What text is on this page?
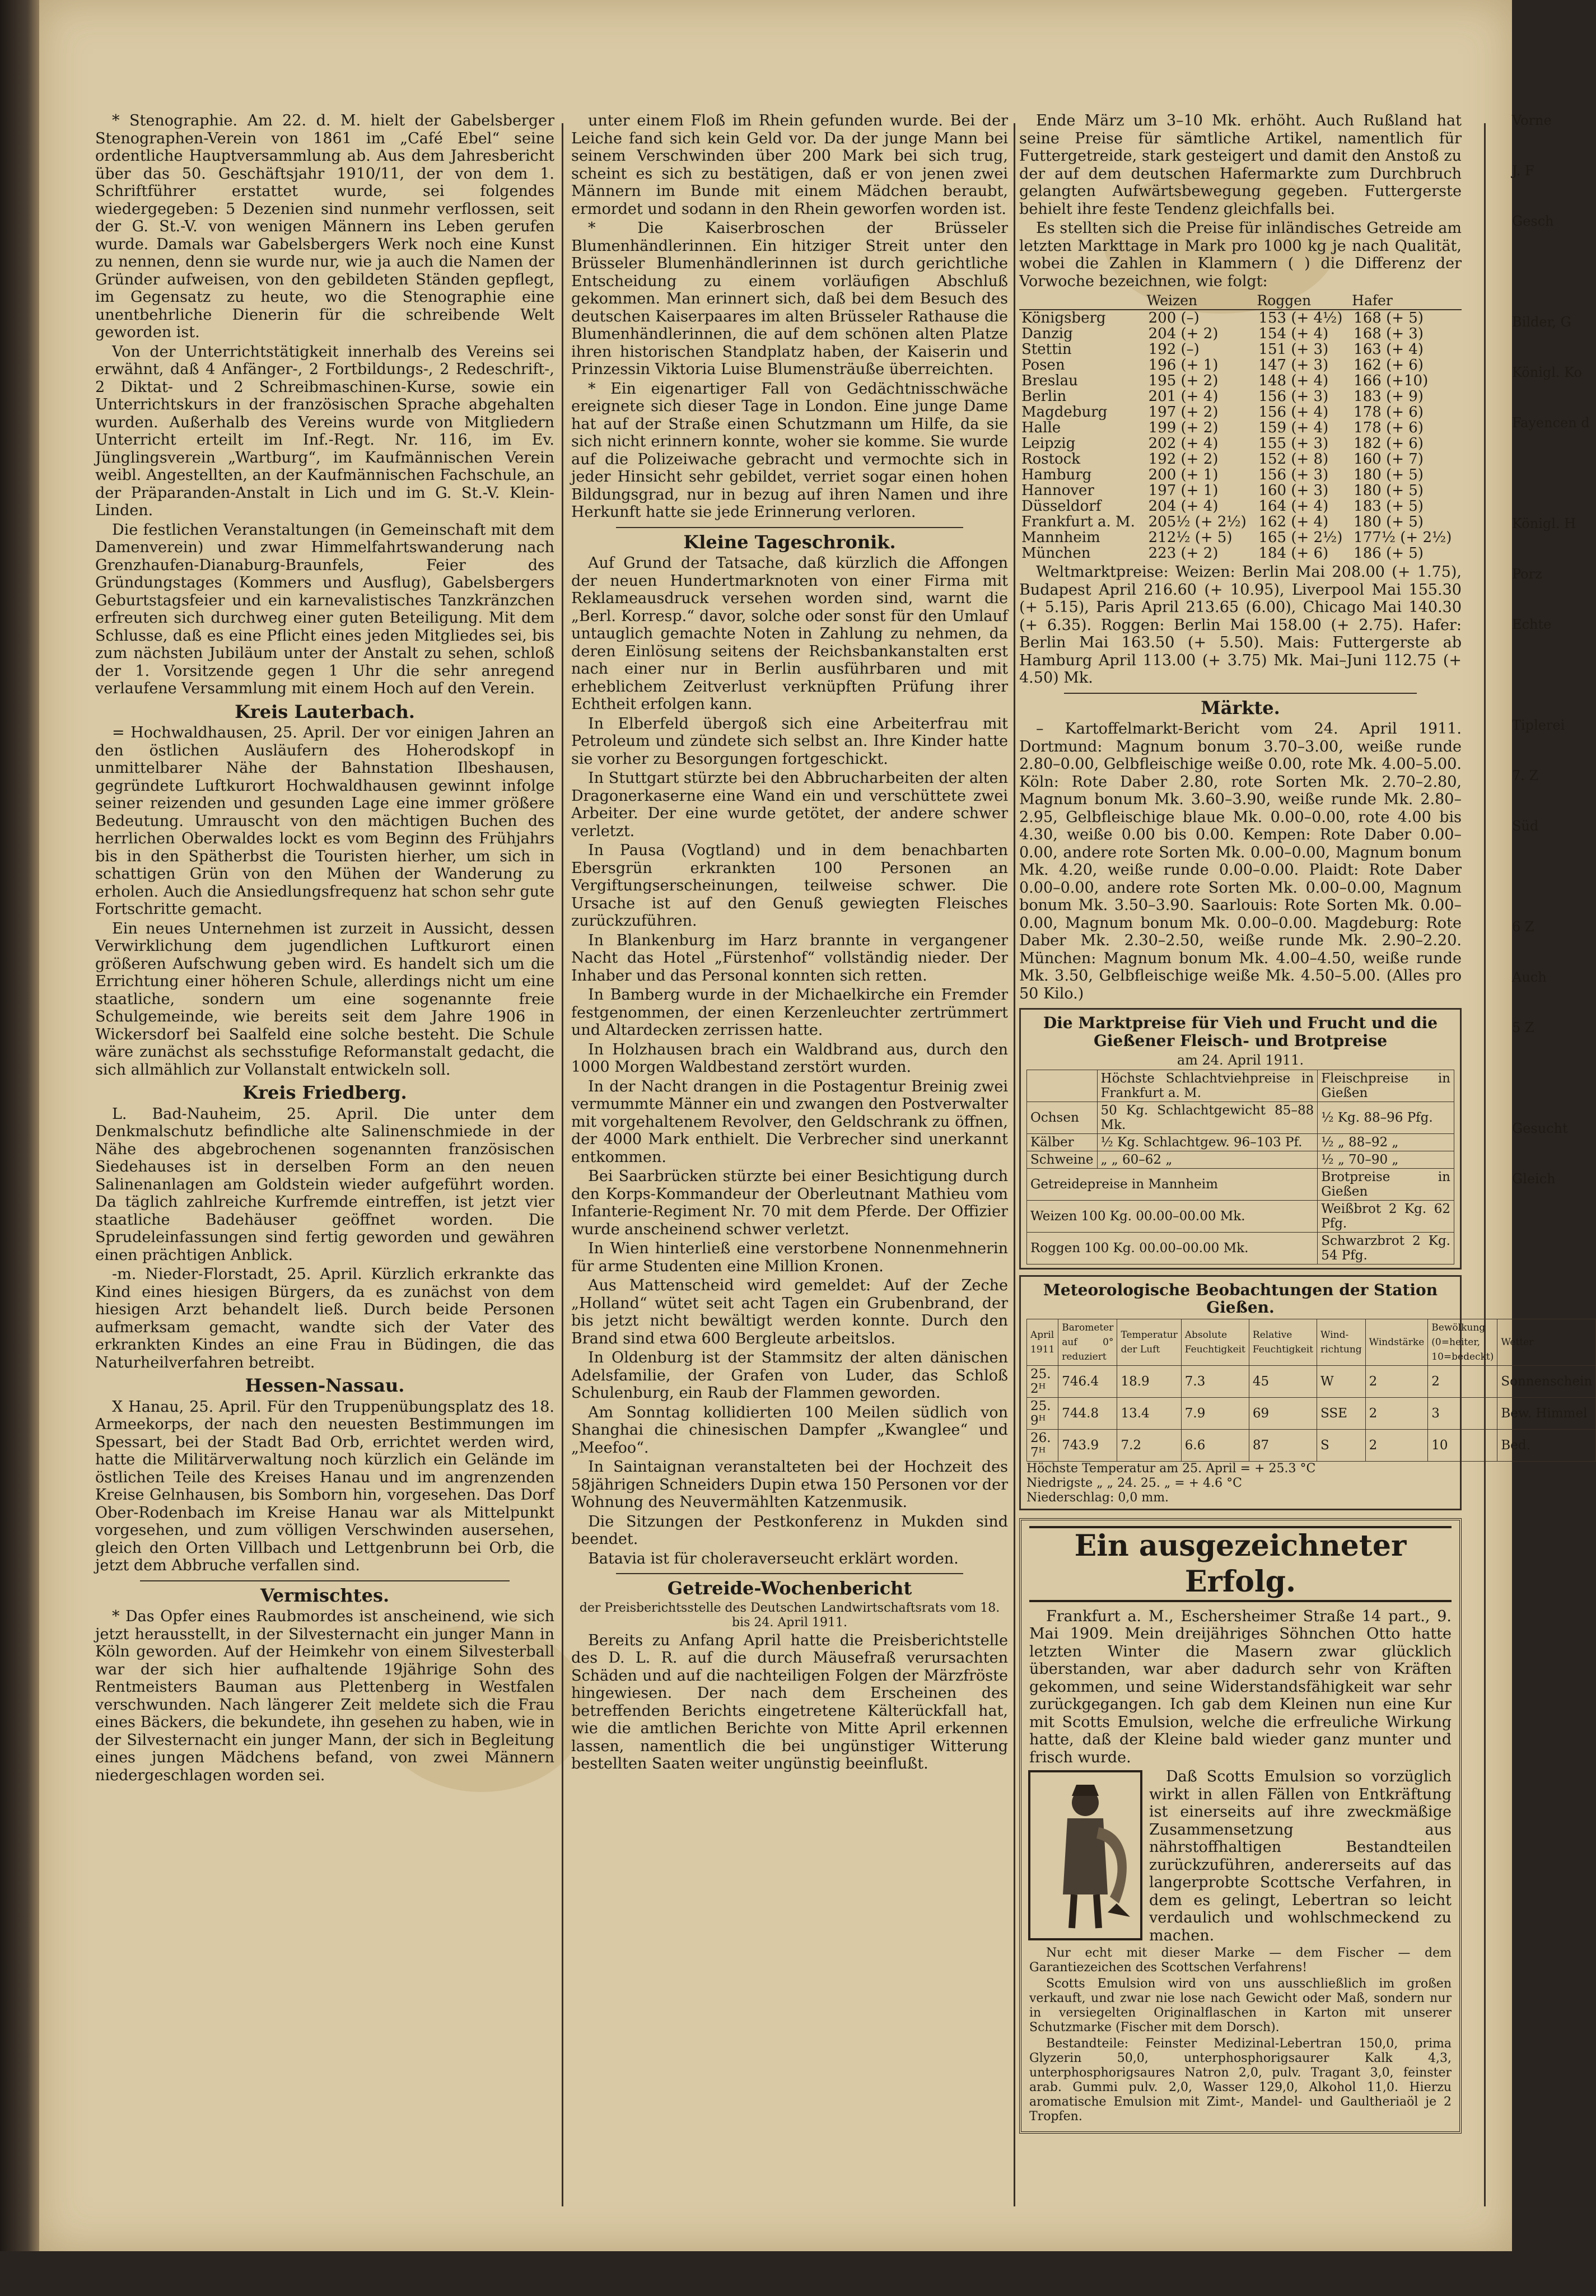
* Stenographie. Am 22. d. M. hielt der Gabelsberger Stenographen-Verein von 1861 im „Café Ebel“ seine ordentliche Hauptversammlung ab. Aus dem Jahresbericht über das 50. Geschäftsjahr 1910/11, der von dem 1. Schriftführer erstattet wurde, sei folgendes wiedergegeben: 5 Dezenien sind nunmehr verflossen, seit der G. St.-V. von wenigen Männern ins Leben gerufen wurde. Damals war Gabelsbergers Werk noch eine Kunst zu nennen, denn sie wurde nur, wie ja auch die Namen der Gründer aufweisen, von den gebildeten Ständen gepflegt, im Gegensatz zu heute, wo die Stenographie eine unentbehrliche Dienerin für die schreibende Welt geworden ist.

Von der Unterrichtstätigkeit innerhalb des Vereins sei erwähnt, daß 4 Anfänger-, 2 Fortbildungs-, 2 Redeschrift-, 2 Diktat- und 2 Schreibmaschinen-Kurse, sowie ein Unterrichtskurs in der französischen Sprache abgehalten wurden. Außerhalb des Vereins wurde von Mitgliedern Unterricht erteilt im Inf.-Regt. Nr. 116, im Ev. Jünglingsverein „Wartburg“, im Kaufmännischen Verein weibl. Angestellten, an der Kaufmännischen Fachschule, an der Präparanden-Anstalt in Lich und im G. St.-V. Klein-Linden.

Die festlichen Veranstaltungen (in Gemeinschaft mit dem Damenverein) und zwar Himmelfahrtswanderung nach Grenzhaufen-Dianaburg-Braunfels, Feier des Gründungstages (Kommers und Ausflug), Gabelsbergers Geburtstagsfeier und ein karnevalistisches Tanzkränzchen erfreuten sich durchweg einer guten Beteiligung. Mit dem Schlusse, daß es eine Pflicht eines jeden Mitgliedes sei, bis zum nächsten Jubiläum unter der Anstalt zu sehen, schloß der 1. Vorsitzende gegen 1 Uhr die sehr anregend verlaufene Versammlung mit einem Hoch auf den Verein.

Kreis Lauterbach.

= Hochwaldhausen, 25. April. Der vor einigen Jahren an den östlichen Ausläufern des Hoherodskopf in unmittelbarer Nähe der Bahnstation Ilbeshausen, gegründete Luftkurort Hochwaldhausen gewinnt infolge seiner reizenden und gesunden Lage eine immer größere Bedeutung. Umrauscht von den mächtigen Buchen des herrlichen Oberwaldes lockt es vom Beginn des Frühjahrs bis in den Spätherbst die Touristen hierher, um sich in schattigen Grün von den Mühen der Wanderung zu erholen. Auch die Ansiedlungsfrequenz hat schon sehr gute Fortschritte gemacht.

Ein neues Unternehmen ist zurzeit in Aussicht, dessen Verwirklichung dem jugendlichen Luftkurort einen größeren Aufschwung geben wird. Es handelt sich um die Errichtung einer höheren Schule, allerdings nicht um eine staatliche, sondern um eine sogenannte freie Schulgemeinde, wie bereits seit dem Jahre 1906 in Wickersdorf bei Saalfeld eine solche besteht. Die Schule wäre zunächst als sechsstufige Reformanstalt gedacht, die sich allmählich zur Vollanstalt entwickeln soll.

Kreis Friedberg.

L. Bad-Nauheim, 25. April. Die unter dem Denkmalschutz befindliche alte Salinenschmiede in der Nähe des abgebrochenen sogenannten französischen Siedehauses ist in derselben Form an den neuen Salinenanlagen am Goldstein wieder aufgeführt worden. Da täglich zahlreiche Kurfremde eintreffen, ist jetzt vier staatliche Badehäuser geöffnet worden. Die Sprudeleinfassungen sind fertig geworden und gewähren einen prächtigen Anblick.

-m. Nieder-Florstadt, 25. April. Kürzlich erkrankte das Kind eines hiesigen Bürgers, da es zunächst von dem hiesigen Arzt behandelt ließ. Durch beide Personen aufmerksam gemacht, wandte sich der Vater des erkrankten Kindes an eine Frau in Büdingen, die das Naturheilverfahren betreibt.

Hessen-Nassau.

X Hanau, 25. April. Für den Truppenübungsplatz des 18. Armeekorps, der nach den neuesten Bestimmungen im Spessart, bei der Stadt Bad Orb, errichtet werden wird, hatte die Militärverwaltung noch kürzlich ein Gelände im östlichen Teile des Kreises Hanau und im angrenzenden Kreise Gelnhausen, bis Somborn hin, vorgesehen. Das Dorf Ober-Rodenbach im Kreise Hanau war als Mittelpunkt vorgesehen, und zum völligen Verschwinden ausersehen, gleich den Orten Villbach und Lettgenbrunn bei Orb, die jetzt dem Abbruche verfallen sind.

Vermischtes.

* Das Opfer eines Raubmordes ist anscheinend, wie sich jetzt herausstellt, in der Silvesternacht ein junger Mann in Köln geworden. Auf der Heimkehr von einem Silvesterball war der sich hier aufhaltende 19jährige Sohn des Rentmeisters Bauman aus Plettenberg in Westfalen verschwunden. Nach längerer Zeit meldete sich die Frau eines Bäckers, die bekundete, ihn gesehen zu haben, wie in der Silvesternacht ein junger Mann, der sich in Begleitung eines jungen Mädchens befand, von zwei Männern niedergeschlagen worden sei.

unter einem Floß im Rhein gefunden wurde. Bei der Leiche fand sich kein Geld vor. Da der junge Mann bei seinem Verschwinden über 200 Mark bei sich trug, scheint es sich zu bestätigen, daß er von jenen zwei Männern im Bunde mit einem Mädchen beraubt, ermordet und sodann in den Rhein geworfen worden ist.

* Die Kaiserbroschen der Brüsseler Blumenhändlerinnen. Ein hitziger Streit unter den Brüsseler Blumenhändlerinnen ist durch gerichtliche Entscheidung zu einem vorläufigen Abschluß gekommen. Man erinnert sich, daß bei dem Besuch des deutschen Kaiserpaares im alten Brüsseler Rathause die Blumenhändlerinnen, die auf dem schönen alten Platze ihren historischen Standplatz haben, der Kaiserin und Prinzessin Viktoria Luise Blumensträuße überreichten.

* Ein eigenartiger Fall von Gedächtnisschwäche ereignete sich dieser Tage in London. Eine junge Dame hat auf der Straße einen Schutzmann um Hilfe, da sie sich nicht erinnern konnte, woher sie komme. Sie wurde auf die Polizeiwache gebracht und vermochte sich in jeder Hinsicht sehr gebildet, verriet sogar einen hohen Bildungsgrad, nur in bezug auf ihren Namen und ihre Herkunft hatte sie jede Erinnerung verloren.

Kleine Tageschronik.

Auf Grund der Tatsache, daß kürzlich die Affongen der neuen Hundertmarknoten von einer Firma mit Reklameausdruck versehen worden sind, warnt die „Berl. Korresp.“ davor, solche oder sonst für den Umlauf untauglich gemachte Noten in Zahlung zu nehmen, da deren Einlösung seitens der Reichsbankanstalten erst nach einer nur in Berlin ausführbaren und mit erheblichem Zeitverlust verknüpften Prüfung ihrer Echtheit erfolgen kann.

In Elberfeld übergoß sich eine Arbeiterfrau mit Petroleum und zündete sich selbst an. Ihre Kinder hatte sie vorher zu Besorgungen fortgeschickt.

In Stuttgart stürzte bei den Abbrucharbeiten der alten Dragonerkaserne eine Wand ein und verschüttete zwei Arbeiter. Der eine wurde getötet, der andere schwer verletzt.

In Pausa (Vogtland) und in dem benachbarten Ebersgrün erkrankten 100 Personen an Vergiftungserscheinungen, teilweise schwer. Die Ursache ist auf den Genuß gewiegten Fleisches zurückzuführen.

In Blankenburg im Harz brannte in vergangener Nacht das Hotel „Fürstenhof“ vollständig nieder. Der Inhaber und das Personal konnten sich retten.

In Bamberg wurde in der Michaelkirche ein Fremder festgenommen, der einen Kerzenleuchter zertrümmert und Altardecken zerrissen hatte.

In Holzhausen brach ein Waldbrand aus, durch den 1000 Morgen Waldbestand zerstört wurden.

In der Nacht drangen in die Postagentur Breinig zwei vermummte Männer ein und zwangen den Postverwalter mit vorgehaltenem Revolver, den Geldschrank zu öffnen, der 4000 Mark enthielt. Die Verbrecher sind unerkannt entkommen.

Bei Saarbrücken stürzte bei einer Besichtigung durch den Korps-Kommandeur der Oberleutnant Mathieu vom Infanterie-Regiment Nr. 70 mit dem Pferde. Der Offizier wurde anscheinend schwer verletzt.

In Wien hinterließ eine verstorbene Nonnenmehnerin für arme Studenten eine Million Kronen.

Aus Mattenscheid wird gemeldet: Auf der Zeche „Holland“ wütet seit acht Tagen ein Grubenbrand, der bis jetzt nicht bewältigt werden konnte. Durch den Brand sind etwa 600 Bergleute arbeitslos.

In Oldenburg ist der Stammsitz der alten dänischen Adelsfamilie, der Grafen von Luder, das Schloß Schulenburg, ein Raub der Flammen geworden.

Am Sonntag kollidierten 100 Meilen südlich von Shanghai die chinesischen Dampfer „Kwanglee“ und „Meefoo“.

In Saintaignan veranstalteten bei der Hochzeit des 58jährigen Schneiders Dupin etwa 150 Personen vor der Wohnung des Neuvermählten Katzenmusik.

Die Sitzungen der Pestkonferenz in Mukden sind beendet.

Batavia ist für choleraverseucht erklärt worden.

Getreide-Wochenbericht

der Preisberichtsstelle des Deutschen Landwirtschaftsrats vom 18. bis 24. April 1911.

Bereits zu Anfang April hatte die Preisberichtstelle des D. L. R. auf die durch Mäusefraß verursachten Schäden und auf die nachteiligen Folgen der Märzfröste hingewiesen. Der nach dem Erscheinen des betreffenden Berichts eingetretene Kälterückfall hat, wie die amtlichen Berichte von Mitte April erkennen lassen, namentlich die bei ungünstiger Witterung bestellten Saaten weiter ungünstig beeinflußt.

Ende März um 3–10 Mk. erhöht. Auch Rußland hat seine Preise für sämtliche Artikel, namentlich für Futtergetreide, stark gesteigert und damit den Anstoß zu der auf dem deutschen Hafermarkte zum Durchbruch gelangten Aufwärtsbewegung gegeben. Futtergerste behielt ihre feste Tendenz gleichfalls bei.

Es stellten sich die Preise für inländisches Getreide am letzten Markttage in Mark pro 1000 kg je nach Qualität, wobei die Zahlen in Klammern ( ) die Differenz der Vorwoche bezeichnen, wie folgt:

	Weizen	Roggen	Hafer
Königsberg	200 (–)	153 (+ 4½)	168 (+ 5)
Danzig	204 (+ 2)	154 (+ 4)	168 (+ 3)
Stettin	192 (–)	151 (+ 3)	163 (+ 4)
Posen	196 (+ 1)	147 (+ 3)	162 (+ 6)
Breslau	195 (+ 2)	148 (+ 4)	166 (+10)
Berlin	201 (+ 4)	156 (+ 3)	183 (+ 9)
Magdeburg	197 (+ 2)	156 (+ 4)	178 (+ 6)
Halle	199 (+ 2)	159 (+ 4)	178 (+ 6)
Leipzig	202 (+ 4)	155 (+ 3)	182 (+ 6)
Rostock	192 (+ 2)	152 (+ 8)	160 (+ 7)
Hamburg	200 (+ 1)	156 (+ 3)	180 (+ 5)
Hannover	197 (+ 1)	160 (+ 3)	180 (+ 5)
Düsseldorf	204 (+ 4)	164 (+ 4)	183 (+ 5)
Frankfurt a. M.	205½ (+ 2½)	162 (+ 4)	180 (+ 5)
Mannheim	212½ (+ 5)	165 (+ 2½)	177½ (+ 2½)
München	223 (+ 2)	184 (+ 6)	186 (+ 5)

Weltmarktpreise: Weizen: Berlin Mai 208.00 (+ 1.75), Budapest April 216.60 (+ 10.95), Liverpool Mai 155.30 (+ 5.15), Paris April 213.65 (6.00), Chicago Mai 140.30 (+ 6.35). Roggen: Berlin Mai 158.00 (+ 2.75). Hafer: Berlin Mai 163.50 (+ 5.50). Mais: Futtergerste ab Hamburg April 113.00 (+ 3.75) Mk. Mai–Juni 112.75 (+ 4.50) Mk.

Märkte.

– Kartoffelmarkt-Bericht vom 24. April 1911. Dortmund: Magnum bonum 3.70–3.00, weiße runde 2.80–0.00, Gelbfleischige weiße 0.00, rote Mk. 4.00–5.00. Köln: Rote Daber 2.80, rote Sorten Mk. 2.70–2.80, Magnum bonum Mk. 3.60–3.90, weiße runde Mk. 2.80–2.95, Gelbfleischige blaue Mk. 0.00–0.00, rote 4.00 bis 4.30, weiße 0.00 bis 0.00. Kempen: Rote Daber 0.00–0.00, andere rote Sorten Mk. 0.00–0.00, Magnum bonum Mk. 4.20, weiße runde 0.00–0.00. Plaidt: Rote Daber 0.00–0.00, andere rote Sorten Mk. 0.00–0.00, Magnum bonum Mk. 3.50–3.90. Saarlouis: Rote Sorten Mk. 0.00–0.00, Magnum bonum Mk. 0.00–0.00. Magdeburg: Rote Daber Mk. 2.30–2.50, weiße runde Mk. 2.90–2.20. München: Magnum bonum Mk. 4.00–4.50, weiße runde Mk. 3.50, Gelbfleischige weiße Mk. 4.50–5.00. (Alles pro 50 Kilo.)

Die Marktpreise für Vieh und Frucht und die Gießener Fleisch- und Brotpreise
am 24. April 1911.
	Höchste Schlachtviehpreise in Frankfurt a. M.	Fleischpreise in Gießen
Ochsen	50 Kg. Schlachtgewicht 85–88 Mk.	½ Kg. 88–96 Pfg.
Kälber	½ Kg. Schlachtgew. 96–103 Pf.	½ „ 88–92 „
Schweine	„ „ 60–62 „	½ „ 70–90 „
Getreidepreise in Mannheim		Brotpreise in Gießen
Weizen 100 Kg. 00.00–00.00 Mk.		Weißbrot 2 Kg. 62 Pfg.
Roggen 100 Kg. 00.00–00.00 Mk.		Schwarzbrot 2 Kg. 54 Pfg.
Meteorologische Beobachtungen der Station Gießen.
April 1911	Barometer auf 0° reduziert	Temperatur der Luft	Absolute Feuchtigkeit	Relative Feuchtigkeit	Wind-richtung	Windstärke	Bewölkung (0=heiter, 10=bedeckt)	Wetter
25. 2ᴴ	746.4	18.9	7.3	45	W	2	2	Sonnenschein
25. 9ᴴ	744.8	13.4	7.9	69	SSE	2	3	Bew. Himmel
26. 7ᴴ	743.9	7.2	6.6	87	S	2	10	Bed.
Höchste Temperatur am 25. April = + 25.3 °C
Niedrigste „ „ 24. 25. „ = + 4.6 °C
Niederschlag: 0,0 mm.
Ein ausgezeichneter Erfolg.

Frankfurt a. M., Eschersheimer Straße 14 part., 9. Mai 1909. Mein dreijähriges Söhnchen Otto hatte letzten Winter die Masern zwar glücklich überstanden, war aber dadurch sehr von Kräften gekommen, und seine Widerstandsfähigkeit war sehr zurückgegangen. Ich gab dem Kleinen nun eine Kur mit Scotts Emulsion, welche die erfreuliche Wirkung hatte, daß der Kleine bald wieder ganz munter und frisch wurde.

Daß Scotts Emulsion so vorzüglich wirkt in allen Fällen von Entkräftung ist einerseits auf ihre zweckmäßige Zusammensetzung aus nährstoffhaltigen Bestandteilen zurückzuführen, andererseits auf das langerprobte Scottsche Verfahren, in dem es gelingt, Lebertran so leicht verdaulich und wohlschmeckend zu machen.

Nur echt mit dieser Marke — dem Fischer — dem Garantiezeichen des Scottschen Verfahrens!

Scotts Emulsion wird von uns ausschließlich im großen verkauft, und zwar nie lose nach Gewicht oder Maß, sondern nur in versiegelten Originalflaschen in Karton mit unserer Schutzmarke (Fischer mit dem Dorsch).

Bestandteile: Feinster Medizinal-Lebertran 150,0, prima Glyzerin 50,0, unterphosphorigsaurer Kalk 4,3, unterphosphorigsaures Natron 2,0, pulv. Tragant 3,0, feinster arab. Gummi pulv. 2,0, Wasser 129,0, Alkohol 11,0. Hierzu aromatische Emulsion mit Zimt-, Mandel- und Gaultheriaöl je 2 Tropfen.

Vorne

J. F

Gesch

Bilder, G

Königl. Ko

Fayencen d

Königl. H

Porz

Echte

Tiplerei

7. Z

Süd

6 Z

Auch

5 Z

Gesucht

Gleich
